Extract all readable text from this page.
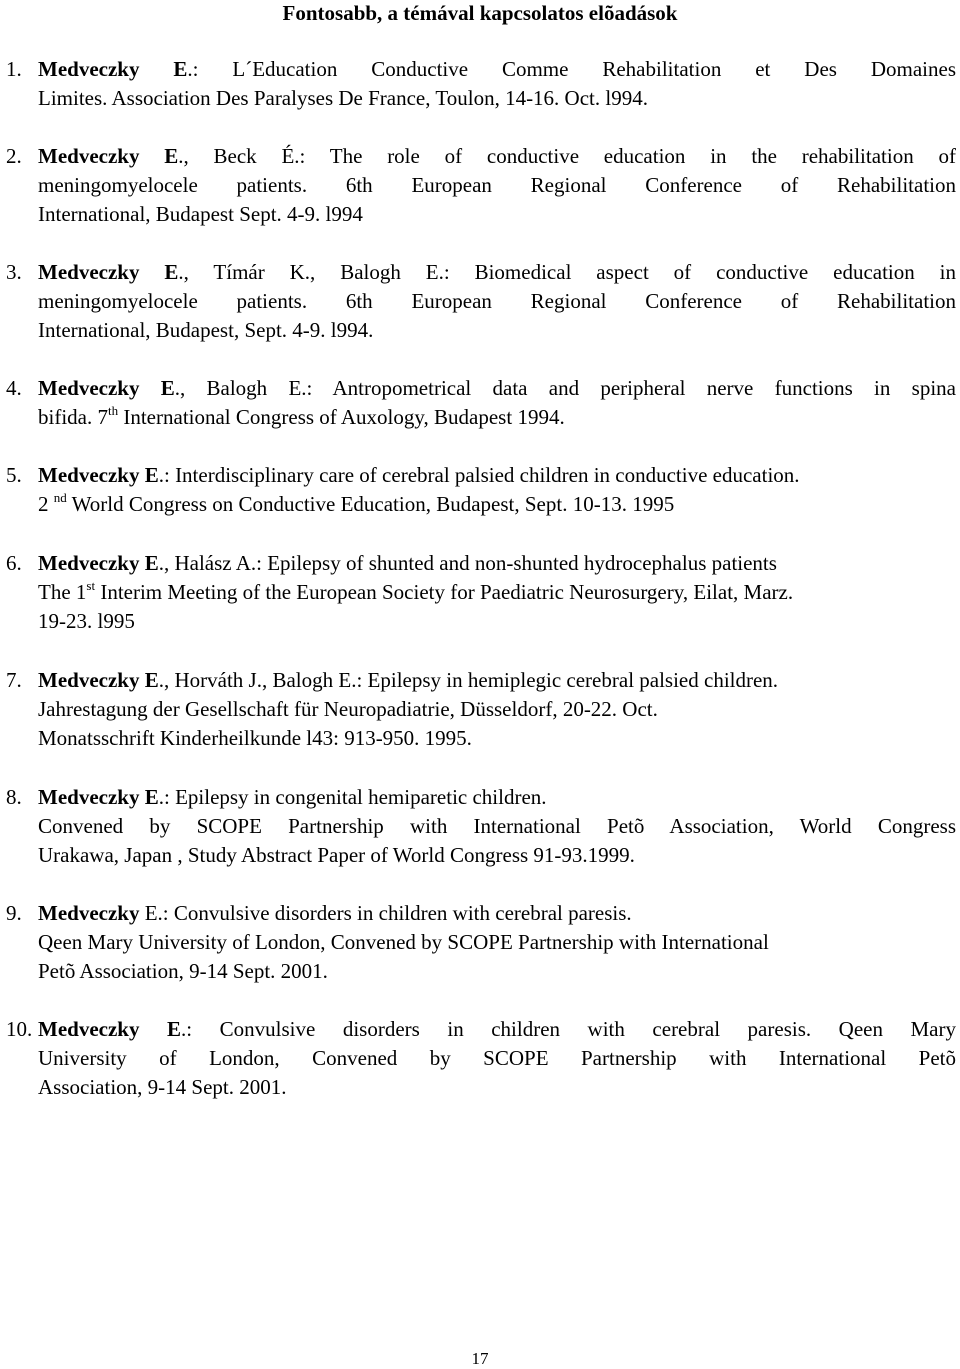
Fontosabb, a témával kapcsolatos elõadások
1. Medveczky E.: L´Education Conductive Comme Rehabilitation et Des Domaines
Limites. Association Des Paralyses De France, Toulon, 14-16. Oct. l994.
2. Medveczky E., Beck É.: The role of conductive education in the rehabilitation of
meningomyelocele patients. 6th European Regional Conference of Rehabilitation
International, Budapest Sept. 4-9. l994
3. Medveczky E., Tímár K., Balogh E.: Biomedical aspect of conductive education in
meningomyelocele patients. 6th European Regional Conference of Rehabilitation
International, Budapest, Sept. 4-9. l994.
4. Medveczky E., Balogh E.: Antropometrical data and peripheral nerve functions in spina
bifida. 7th International Congress of Auxology, Budapest 1994.
5. Medveczky E.: Interdisciplinary care of cerebral palsied children in conductive education.
2 $^{nd}$ World Congress on Conductive Education, Budapest, Sept. 10-13. 1995
6. Medveczky E., Halász A.: Epilepsy of shunted and non-shunted hydrocephalus patients
The 1st Interim Meeting of the European Society for Paediatric Neurosurgery, Eilat, Marz.
19-23. l995
7. Medveczky E., Horváth J., Balogh E.: Epilepsy in hemiplegic cerebral palsied children.
Jahrestagung der Gesellschaft für Neuropadiatrie, Düsseldorf, 20-22. Oct.
Monatsschrift Kinderheilkunde l43: 913-950. 1995.
8. Medveczky E.: Epilepsy in congenital hemiparetic children.
Convened by SCOPE Partnership with International Petõ Association, World Congress
Urakawa, Japan , Study Abstract Paper of World Congress 91-93.1999.
9. Medveczky E.: Convulsive disorders in children with cerebral paresis.
Qeen Mary University of London, Convened by SCOPE Partnership with International
Petõ Association, 9-14 Sept. 2001.
10. Medveczky E.: Convulsive disorders in children with cerebral paresis. Qeen Mary
University of London, Convened by SCOPE Partnership with International Petõ
Association, 9-14 Sept. 2001.
17
